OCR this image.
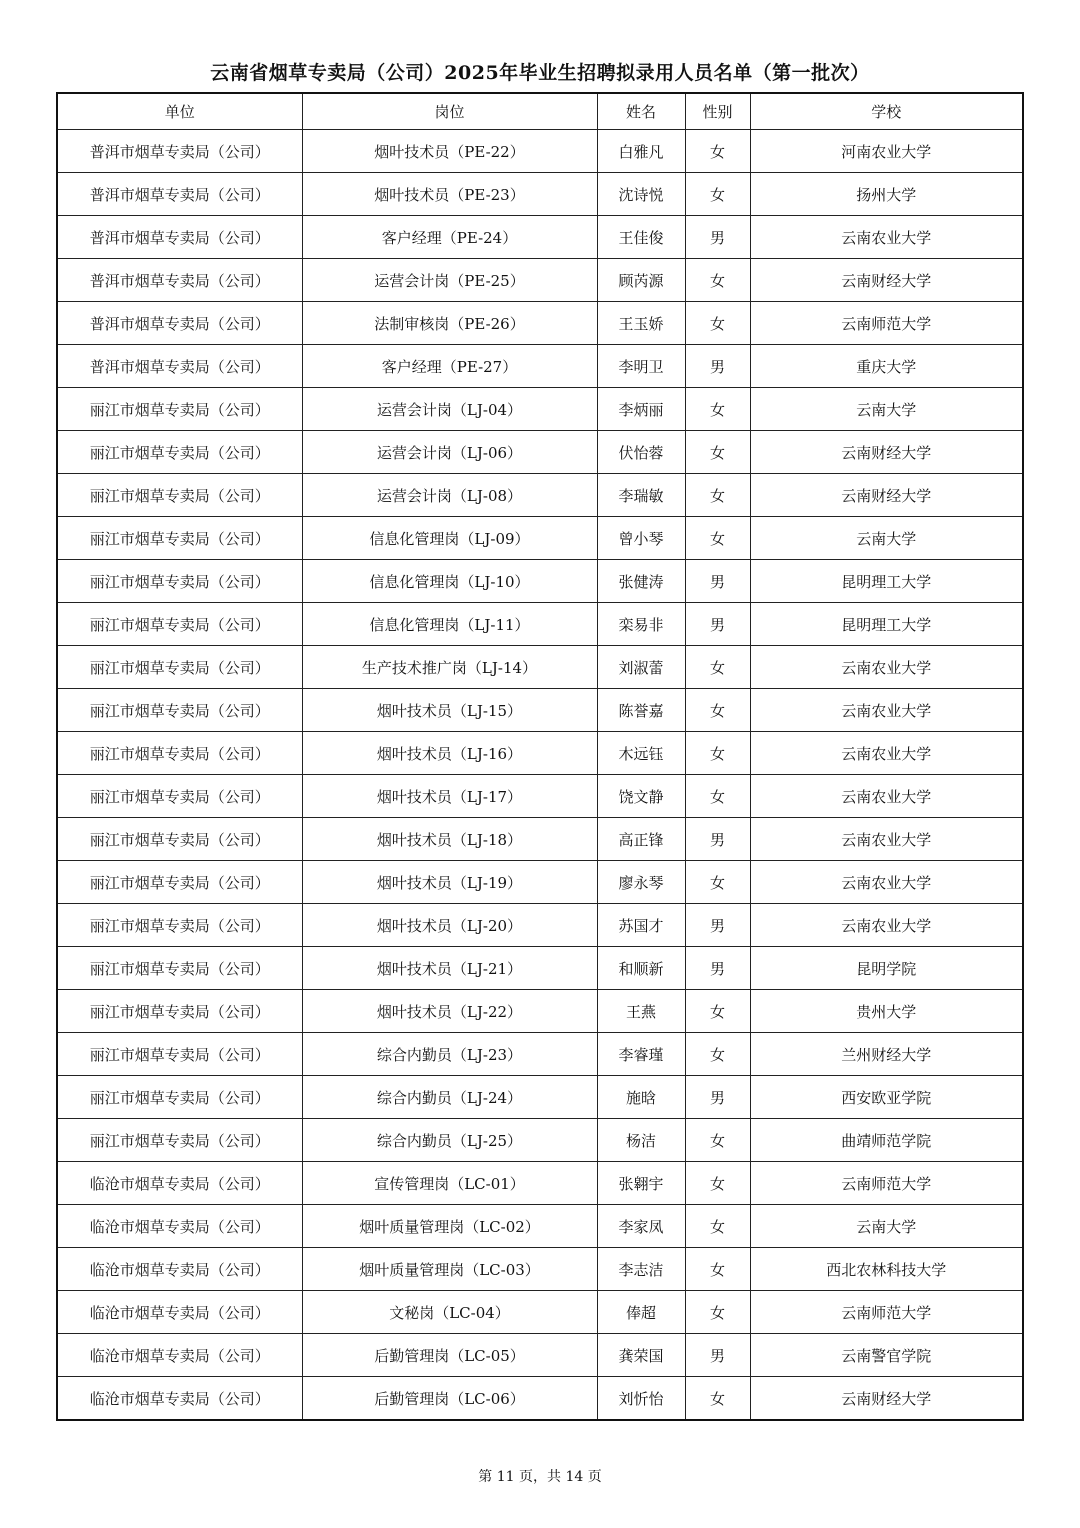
云南省烟草专卖局（公司）2025年毕业生招聘拟录用人员名单（第一批次）
单位	岗位	姓名	性别	学校
普洱市烟草专卖局（公司）	烟叶技术员（PE-22）	白雅凡	女	河南农业大学
普洱市烟草专卖局（公司）	烟叶技术员（PE-23）	沈诗悦	女	扬州大学
普洱市烟草专卖局（公司）	客户经理（PE-24）	王佳俊	男	云南农业大学
普洱市烟草专卖局（公司）	运营会计岗（PE-25）	顾芮源	女	云南财经大学
普洱市烟草专卖局（公司）	法制审核岗（PE-26）	王玉娇	女	云南师范大学
普洱市烟草专卖局（公司）	客户经理（PE-27）	李明卫	男	重庆大学
丽江市烟草专卖局（公司）	运营会计岗（LJ-04）	李炳丽	女	云南大学
丽江市烟草专卖局（公司）	运营会计岗（LJ-06）	伏怡蓉	女	云南财经大学
丽江市烟草专卖局（公司）	运营会计岗（LJ-08）	李瑞敏	女	云南财经大学
丽江市烟草专卖局（公司）	信息化管理岗（LJ-09）	曾小琴	女	云南大学
丽江市烟草专卖局（公司）	信息化管理岗（LJ-10）	张健涛	男	昆明理工大学
丽江市烟草专卖局（公司）	信息化管理岗（LJ-11）	栾易非	男	昆明理工大学
丽江市烟草专卖局（公司）	生产技术推广岗（LJ-14）	刘淑蕾	女	云南农业大学
丽江市烟草专卖局（公司）	烟叶技术员（LJ-15）	陈誉嘉	女	云南农业大学
丽江市烟草专卖局（公司）	烟叶技术员（LJ-16）	木远钰	女	云南农业大学
丽江市烟草专卖局（公司）	烟叶技术员（LJ-17）	饶文静	女	云南农业大学
丽江市烟草专卖局（公司）	烟叶技术员（LJ-18）	高正锋	男	云南农业大学
丽江市烟草专卖局（公司）	烟叶技术员（LJ-19）	廖永琴	女	云南农业大学
丽江市烟草专卖局（公司）	烟叶技术员（LJ-20）	苏国才	男	云南农业大学
丽江市烟草专卖局（公司）	烟叶技术员（LJ-21）	和顺新	男	昆明学院
丽江市烟草专卖局（公司）	烟叶技术员（LJ-22）	王燕	女	贵州大学
丽江市烟草专卖局（公司）	综合内勤员（LJ-23）	李睿瑾	女	兰州财经大学
丽江市烟草专卖局（公司）	综合内勤员（LJ-24）	施晗	男	西安欧亚学院
丽江市烟草专卖局（公司）	综合内勤员（LJ-25）	杨洁	女	曲靖师范学院
临沧市烟草专卖局（公司）	宣传管理岗（LC-01）	张翱宇	女	云南师范大学
临沧市烟草专卖局（公司）	烟叶质量管理岗（LC-02）	李家凤	女	云南大学
临沧市烟草专卖局（公司）	烟叶质量管理岗（LC-03）	李志洁	女	西北农林科技大学
临沧市烟草专卖局（公司）	文秘岗（LC-04）	俸超	女	云南师范大学
临沧市烟草专卖局（公司）	后勤管理岗（LC-05）	龚荣国	男	云南警官学院
临沧市烟草专卖局（公司）	后勤管理岗（LC-06）	刘忻怡	女	云南财经大学
第 11 页，共 14 页
